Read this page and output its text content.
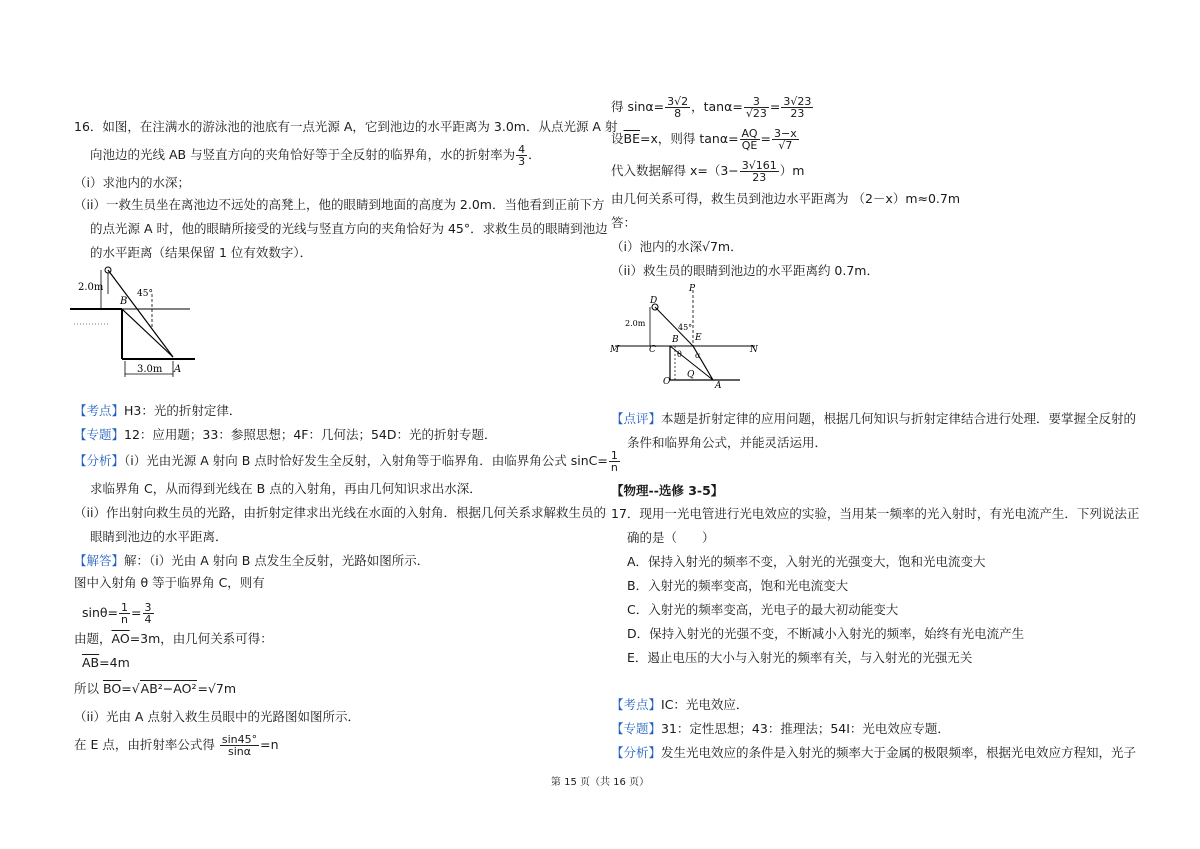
16．如图，在注满水的游泳池的池底有一点光源 A，它到池边的水平距离为 3.0m．从点光源 A 射
向池边的光线 AB 与竖直方向的夹角恰好等于全反射的临界角，水的折射率为 $\frac{4}{3}$ ．
（i）求池内的水深；
（ii）一救生员坐在离池边不远处的高凳上，他的眼睛到地面的高度为 2.0m．当他看到正前下方
的点光源 A 时，他的眼睛所接受的光线与竖直方向的夹角恰好为 45°．求救生员的眼睛到池边
的水平距离（结果保留 1 位有效数字）．
2.0m
45°
B
3.0m A
【考点】H3：光的折射定律．
【专题】12：应用题；33：参照思想；4F：几何法；54D：光的折射专题．
【分析】（i）光由光源 A 射向 B 点时恰好发生全反射，入射角等于临界角．由临界角公式 $\sin C= \frac{1}{n}$
求临界角 C，从而得到光线在 B 点的入射角，再由几何知识求出水深．
（ii）作出射向救生员的光路，由折射定律求出光线在水面的入射角．根据几何关系求解救生员的
眼睛到池边的水平距离．
【解答】解：（i）光由 A 射向 B 点发生全反射，光路如图所示．
图中入射角 θ 等于临界角 C，则有
$\sin\theta= \frac{1}{n} = \frac{3}{4}$
由题，$\overline{AO}=3m$，由几何关系可得：
$\overline{AB}=4m$
所以 $\overline{BO}=√AB^2-AO^2=√7m$
（ii）光由 A 点射入救生员眼中的光路图如图所示．
在 E 点，由折射率公式得 $\frac{\sin 45^\circ}{\sin\alpha} =n$
得 $\sin\alpha= \frac{3√2}{8}$ ，$\tan\alpha= \frac{3}{√23} = \frac{3√23}{23}$
设$\overline{BE}=x$，则得 $\tan\alpha= \frac{AQ}{QE} = \frac{3-x}{√7}$
代入数据解得 $x=(3- \frac{3√161}{23} )m$
由几何关系可得，救生员到池边水平距离为 （2－x）m≈0.7m
答：
（i）池内的水深√7m．
（ii）救生员的眼睛到池边的水平距离约 0.7m．
P
D
2.0m	45°
E
M	C
B
N
θ α
Q
O	A
【点评】本题是折射定律的应用问题，根据几何知识与折射定律结合进行处理．要掌握全反射的
条件和临界角公式，并能灵活运用．
【物理--选修 3-5】
17．现用一光电管进行光电效应的实验，当用某一频率的光入射时，有光电流产生．下列说法正
确的是（　　）
A．保持入射光的频率不变，入射光的光强变大，饱和光电流变大
B．入射光的频率变高，饱和光电流变大
C．入射光的频率变高，光电子的最大初动能变大
D．保持入射光的光强不变，不断减小入射光的频率，始终有光电流产生
E．遏止电压的大小与入射光的频率有关，与入射光的光强无关
【考点】IC：光电效应．
【专题】31：定性思想；43：推理法；54I：光电效应专题．
【分析】发生光电效应的条件是入射光的频率大于金属的极限频率，根据光电效应方程知，光子
第 15 页（共 16 页）
